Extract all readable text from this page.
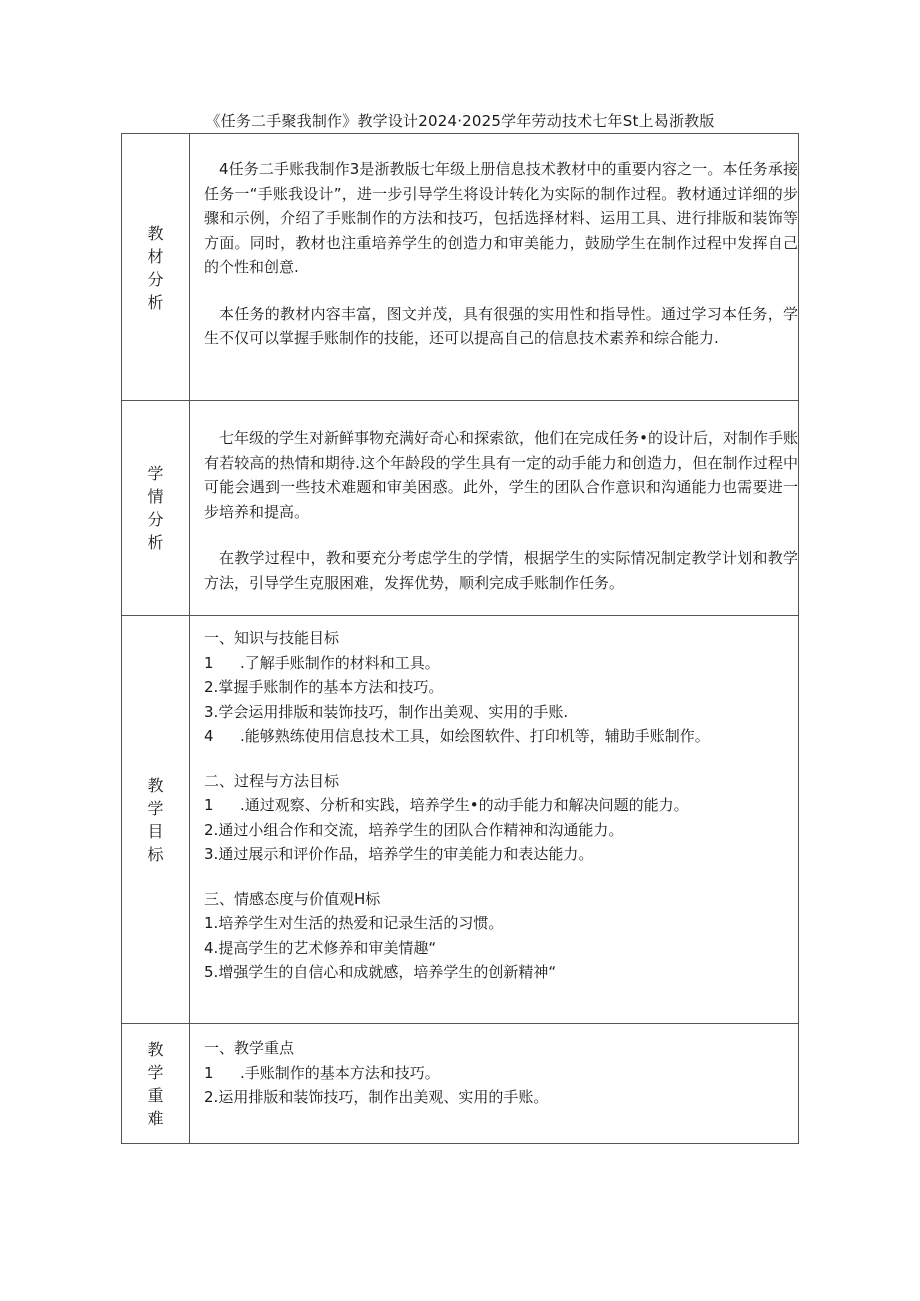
《任务二手聚我制作》教学设计2024·2025学年劳动技术七年St上曷浙教版
教材分析

4任务二手账我制作3是浙教版七年级上册信息技术教材中的重要内容之一。本任务承接任务一“手账我设计”，进一步引导学生将设计转化为实际的制作过程。教材通过详细的步骤和示例，介绍了手账制作的方法和技巧，包括选择材料、运用工具、进行排版和装饰等方面。同时，教材也注重培养学生的创造力和审美能力，鼓励学生在制作过程中发挥自己的个性和创意.

本任务的教材内容丰富，图文并茂，具有很强的实用性和指导性。通过学习本任务，学生不仅可以掌握手账制作的技能，还可以提高自己的信息技术素养和综合能力.

学情分析

七年级的学生对新鲜事物充满好奇心和探索欲，他们在完成任务•的设计后，对制作手账有若较高的热情和期待.这个年龄段的学生具有一定的动手能力和创造力，但在制作过程中可能会遇到一些技术难题和审美困惑。此外，学生的团队合作意识和沟通能力也需要进一步培养和提高。

在教学过程中，教和要充分考虑学生的学情，根据学生的实际情况制定教学计划和教学方法，引导学生克服困难，发挥优势，顺利完成手账制作任务。

教学目标
一、知识与技能目标
1 .了解手账制作的材料和工具。
2.掌握手账制作的基本方法和技巧。
3.学会运用排版和装饰技巧，制作出美观、实用的手账.
4 .能够熟练使用信息技术工具，如绘图软件、打印机等，辅助手账制作。
二、过程与方法目标
1 .通过观察、分析和实践，培养学生•的动手能力和解决问题的能力。
2.通过小组合作和交流，培养学生的团队合作精神和沟通能力。
3.通过展示和评价作品，培养学生的审美能力和表达能力。
三、情感态度与价值观H标
1.培养学生对生活的热爱和记录生活的习惯。
4.提高学生的艺术修养和审美情趣“
5.增强学生的自信心和成就感，培养学生的创新精神“
教学重难
一、教学重点
1 .手账制作的基本方法和技巧。
2.运用排版和装饰技巧，制作出美观、实用的手账。
